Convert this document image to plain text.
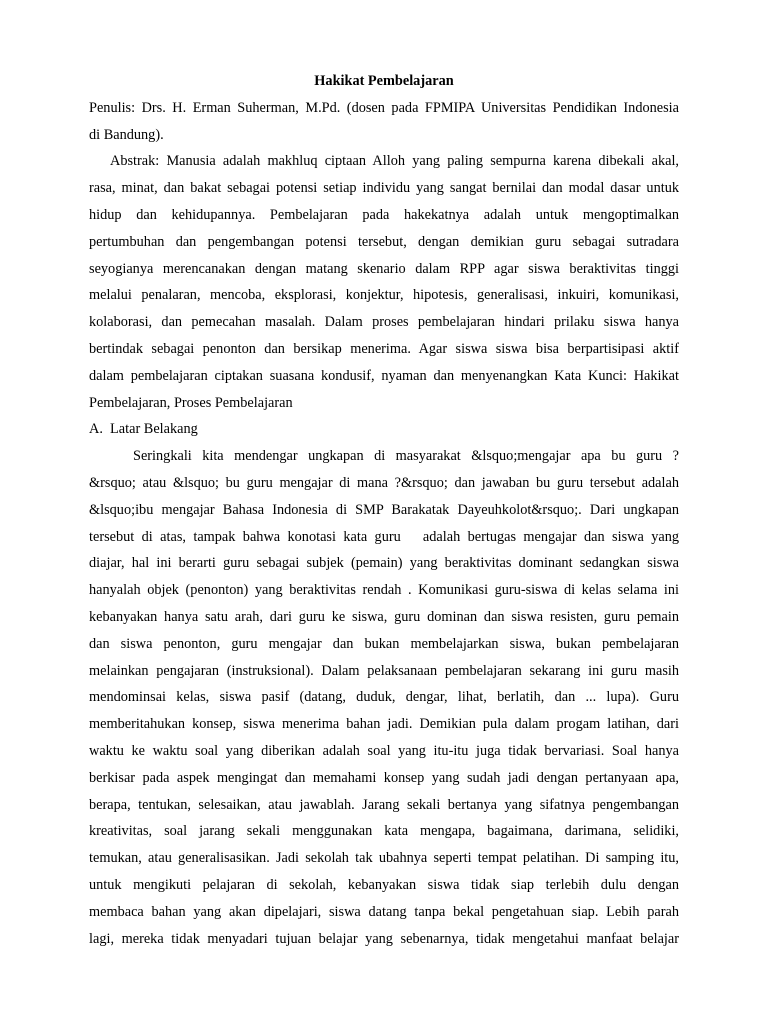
Hakikat Pembelajaran
Penulis: Drs. H. Erman Suherman, M.Pd. (dosen pada FPMIPA Universitas Pendidikan Indonesia
di Bandung).
Abstrak: Manusia adalah makhluq ciptaan Alloh yang paling sempurna karena dibekali akal,
rasa, minat, dan bakat sebagai potensi setiap individu yang sangat bernilai dan modal dasar untuk
hidup dan kehidupannya. Pembelajaran pada hakekatnya adalah untuk mengoptimalkan
pertumbuhan dan pengembangan potensi tersebut, dengan demikian guru sebagai sutradara
seyogianya merencanakan dengan matang skenario dalam RPP agar siswa beraktivitas tinggi
melalui penalaran, mencoba, eksplorasi, konjektur, hipotesis, generalisasi, inkuiri, komunikasi,
kolaborasi, dan pemecahan masalah. Dalam proses pembelajaran hindari prilaku siswa hanya
bertindak sebagai penonton dan bersikap menerima. Agar siswa siswa bisa berpartisipasi aktif
dalam pembelajaran ciptakan suasana kondusif, nyaman dan menyenangkan Kata Kunci: Hakikat
Pembelajaran, Proses Pembelajaran
A.  Latar Belakang
Seringkali kita mendengar ungkapan di masyarakat &lsquo;mengajar apa bu guru ?
&rsquo; atau &lsquo; bu guru mengajar di mana ?&rsquo; dan jawaban bu guru tersebut adalah
&lsquo;ibu mengajar Bahasa Indonesia di SMP Barakatak Dayeuhkolot&rsquo;. Dari ungkapan
tersebut di atas, tampak bahwa konotasi kata guru   adalah bertugas mengajar dan siswa yang
diajar, hal ini berarti guru sebagai subjek (pemain) yang beraktivitas dominant sedangkan siswa
hanyalah objek (penonton) yang beraktivitas rendah . Komunikasi guru-siswa di kelas selama ini
kebanyakan hanya satu arah, dari guru ke siswa, guru dominan dan siswa resisten, guru pemain
dan siswa penonton, guru mengajar dan bukan membelajarkan siswa, bukan pembelajaran
melainkan pengajaran (instruksional). Dalam pelaksanaan pembelajaran sekarang ini guru masih
mendominsai kelas, siswa pasif (datang, duduk, dengar, lihat, berlatih, dan ... lupa). Guru
memberitahukan konsep, siswa menerima bahan jadi. Demikian pula dalam progam latihan, dari
waktu ke waktu soal yang diberikan adalah soal yang itu-itu juga tidak bervariasi. Soal hanya
berkisar pada aspek mengingat dan memahami konsep yang sudah jadi dengan pertanyaan apa,
berapa, tentukan, selesaikan, atau jawablah. Jarang sekali bertanya yang sifatnya pengembangan
kreativitas, soal jarang sekali menggunakan kata mengapa, bagaimana, darimana, selidiki,
temukan, atau generalisasikan. Jadi sekolah tak ubahnya seperti tempat pelatihan. Di samping itu,
untuk mengikuti pelajaran di sekolah, kebanyakan siswa tidak siap terlebih dulu dengan
membaca bahan yang akan dipelajari, siswa datang tanpa bekal pengetahuan siap. Lebih parah
lagi, mereka tidak menyadari tujuan belajar yang sebenarnya, tidak mengetahui manfaat belajar
